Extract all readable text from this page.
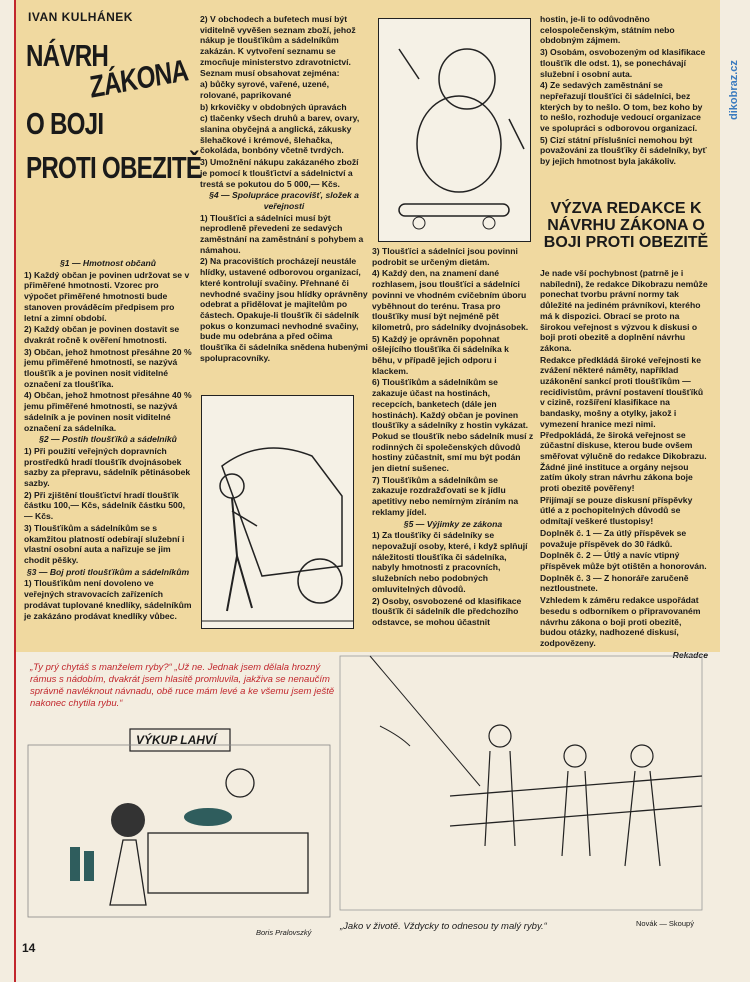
dikobraz.cz
IVAN KULHÁNEK
NÁVRH
ZÁKONA
O BOJI
PROTI OBEZITĚ

§1 — Hmotnost občanů

1) Každý občan je povinen udržovat se v přiměřené hmotnosti. Vzorec pro výpočet přiměřené hmotnosti bude stanoven prováděcím předpisem pro letní a zimní období.

2) Každý občan je povinen dostavit se dvakrát ročně k ověření hmotnosti.

3) Občan, jehož hmotnost přesáhne 20 % jemu přiměřené hmotnosti, se nazývá tloušťík a je povinen nosit viditelné označení za tloušťíka.

4) Občan, jehož hmotnost přesáhne 40 % jemu přiměřené hmotnosti, se nazývá sádelník a je povinen nosit viditelné označení za sádelníka.

§2 — Postih tloušťíků a sádelníků

1) Při použití veřejných dopravních prostředků hradí tloušťík dvojnásobek sazby za přepravu, sádelník pětinásobek sazby.

2) Při zjištění tloušťictví hradí tloušťík částku 100,— Kčs, sádelník částku 500,— Kčs.

3) Tloušťíkům a sádelníkům se s okamžitou platností odebírají služební i vlastní osobní auta a nařizuje se jim chodit pěšky.

§3 — Boj proti tloušťíkům a sádelníkům

1) Tloušťíkům není dovoleno ve veřejných stravovacích zařízeních prodávat tuplované knedlíky, sádelníkům je zakázáno prodávat knedlíky vůbec.

2) V obchodech a bufetech musí být viditelně vyvěšen seznam zboží, jehož nákup je tloušťíkům a sádelníkům zakázán. K vytvoření seznamu se zmocňuje ministerstvo zdravotnictví. Seznam musí obsahovat zejména:

a) bůčky syrové, vařené, uzené, rolované, paprikované

b) krkovičky v obdobných úpravách

c) tlačenky všech druhů a barev, ovary, slanina obyčejná a anglická, zákusky šlehačkové i krémové, šlehačka, čokoláda, bonbóny včetně tvrdých.

3) Umožnění nákupu zakázaného zboží je pomocí k tloušťictví a sádelnictví a trestá se pokutou do 5 000,— Kčs.

§4 — Spolupráce pracovišť, složek a veřejnosti

1) Tloušťíci a sádelníci musí být neprodleně převedeni ze sedavých zaměstnání na zaměstnání s pohybem a námahou.

2) Na pracovištích procházejí neustále hlídky, ustavené odborovou organizací, které kontrolují svačiny. Přehnané či nevhodné svačiny jsou hlídky oprávněny odebrat a přidělovat je majitelům po částech. Opakuje-li tloušťík či sádelník pokus o konzumaci nevhodné svačiny, bude mu odebrána a před očima tloušťíka či sádelníka snědena hubenými spolupracovníky.

3) Tloušťíci a sádelníci jsou povinni podrobit se určeným dietám.

4) Každý den, na znamení dané rozhlasem, jsou tloušťíci a sádelníci povinni ve vhodném cvičebním úboru vyběhnout do terénu. Trasa pro tloušťíky musí být nejméně pět kilometrů, pro sádelníky dvojnásobek.

5) Každý je oprávněn popohnat ošlejícího tloušťíka či sádelníka k běhu, v případě jejich odporu i klackem.

6) Tloušťíkům a sádelníkům se zakazuje účast na hostinách, recepcích, banketech (dále jen hostinách). Každý občan je povinen tloušťíky a sádelníky z hostin vykázat. Pokud se tloušťík nebo sádelník musí z rodinných či společenských důvodů hostiny zúčastnit, smí mu být podán jen dietní sušenec.

7) Tloušťíkům a sádelníkům se zakazuje rozdražďovati se k jídlu apetitivy nebo nemírným zíráním na reklamy jídel.

§5 — Výjimky ze zákona

1) Za tloušťíky či sádelníky se nepovažují osoby, které, i když splňují náležitosti tloušťíka či sádelníka, nabyly hmotnosti z pracovních, služebních nebo podobných omluvitelných důvodů.

2) Osoby, osvobozené od klasifikace tloušťík či sádelník dle předchozího odstavce, se mohou účastnit

hostin, je-li to odůvodněno celospolečenským, státním nebo obdobným zájmem.

3) Osobám, osvobozeným od klasifikace tloušťík dle odst. 1), se ponechávají služební i osobní auta.

4) Ze sedavých zaměstnání se nepřeřazují tloušťíci či sádelníci, bez kterých by to nešlo. O tom, bez koho by to nešlo, rozhoduje vedoucí organizace ve spolupráci s odborovou organizací.

5) Cizí státní příslušníci nemohou být považováni za tloušťíky či sádelníky, byť by jejich hmotnost byla jakákoliv.

VÝZVA REDAKCE K NÁVRHU ZÁKONA O BOJI PROTI OBEZITĚ

Je nade vší pochybnost (patrně je i nabíledni), že redakce Dikobrazu nemůže ponechat tvorbu právní normy tak důležité na jediném právníkovi, kterého má k dispozici. Obrací se proto na širokou veřejnost s výzvou k diskusi o boji proti obezitě a doplnění návrhu zákona.

Redakce předkládá široké veřejnosti ke zvážení některé náměty, například uzákonění sankcí proti tloušťíkům — recidivistům, právní postavení tloušťíků v cizině, rozšíření klasifikace na bandasky, mošny a otylky, jakož i vymezení hranice mezi nimi. Předpokládá, že široká veřejnost se zúčastní diskuse, kterou bude ovšem směřovat výlučně do redakce Dikobrazu. Žádné jiné instituce a orgány nejsou zatím úkoly stran návrhu zákona boje proti obezitě pověřeny!

Přijímají se pouze diskusní příspěvky útlé a z pochopitelných důvodů se odmítají veškeré tlustopisy!

Doplněk č. 1 — Za útlý příspěvek se považuje příspěvek do 30 řádků.

Doplněk č. 2 — Útlý a navíc vtipný příspěvek může být otištěn a honorován.

Doplněk č. 3 — Z honoráře zaručeně neztloustnete.

Vzhledem k záměru redakce uspořádat besedu s odborníkem o připravovaném návrhu zákona o boji proti obezitě, budou otázky, nadhozené diskusí, zodpovězeny.

Rekadce

„Ty prý chytáš s manželem ryby?“ „Už ne. Jednak jsem dělala hrozný rámus s nádobím, dvakrát jsem hlasitě promluvila, jakživa se nenaučím správně navléknout návnadu, obě ruce mám levé a ke všemu jsem ještě nakonec chytila rybu.“
VÝKUP LAHVÍ
Boris Pralovszký
Novák — Skoupý
„Jako v životě. Vždycky to odnesou ty malý ryby.“
14
